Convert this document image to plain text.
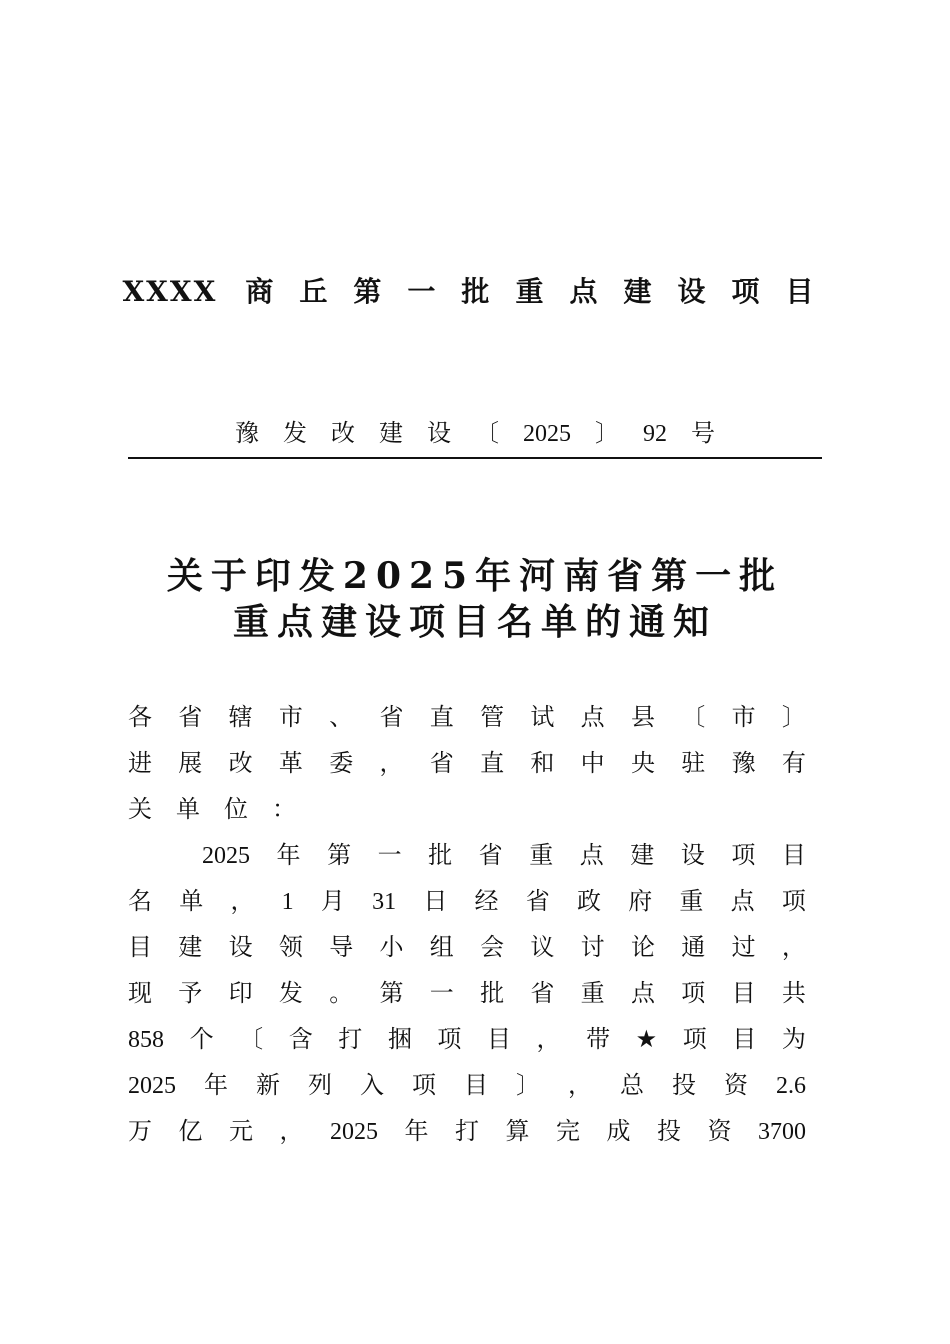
XXXX 商 丘 第 一 批 重 点 建 设 项 目
豫 发 改 建 设 〔 2025 〕 92 号
关于印发2025年河南省第一批
重点建设项目名单的通知
各 省 辖 市 、 省 直 管 试 点 县 〔 市 〕
进 展 改 革 委 ， 省 直 和 中 央 驻 豫 有
关 单 位 ：
2025 年 第 一 批 省 重 点 建 设 项 目
名 单 ， 1 月 31 日 经 省 政 府 重 点 项
目 建 设 领 导 小 组 会 议 讨 论 通 过 ，
现 予 印 发 。 第 一 批 省 重 点 项 目 共
858 个 〔 含 打 捆 项 目 ， 带 ★ 项 目 为
2025 年 新 列 入 项 目 〕 ， 总 投 资 2.6
万 亿 元 ， 2025 年 打 算 完 成 投 资 3700
